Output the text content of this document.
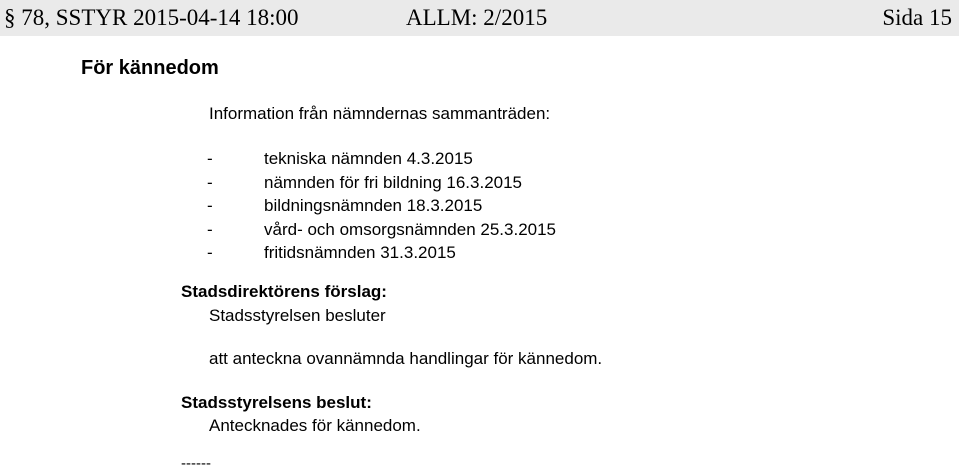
§ 78, SSTYR 2015-04-14 18:00	ALLM: 2/2015	Sida 15
För kännedom
Information från nämndernas sammanträden:
-	tekniska nämnden 4.3.2015
-	nämnden för fri bildning 16.3.2015
-	bildningsnämnden 18.3.2015
-	vård- och omsorgsnämnden 25.3.2015
-	fritidsnämnden 31.3.2015
Stadsdirektörens förslag:
Stadsstyrelsen besluter
att anteckna ovannämnda handlingar för kännedom.
Stadsstyrelsens beslut:
Antecknades för kännedom.
------
